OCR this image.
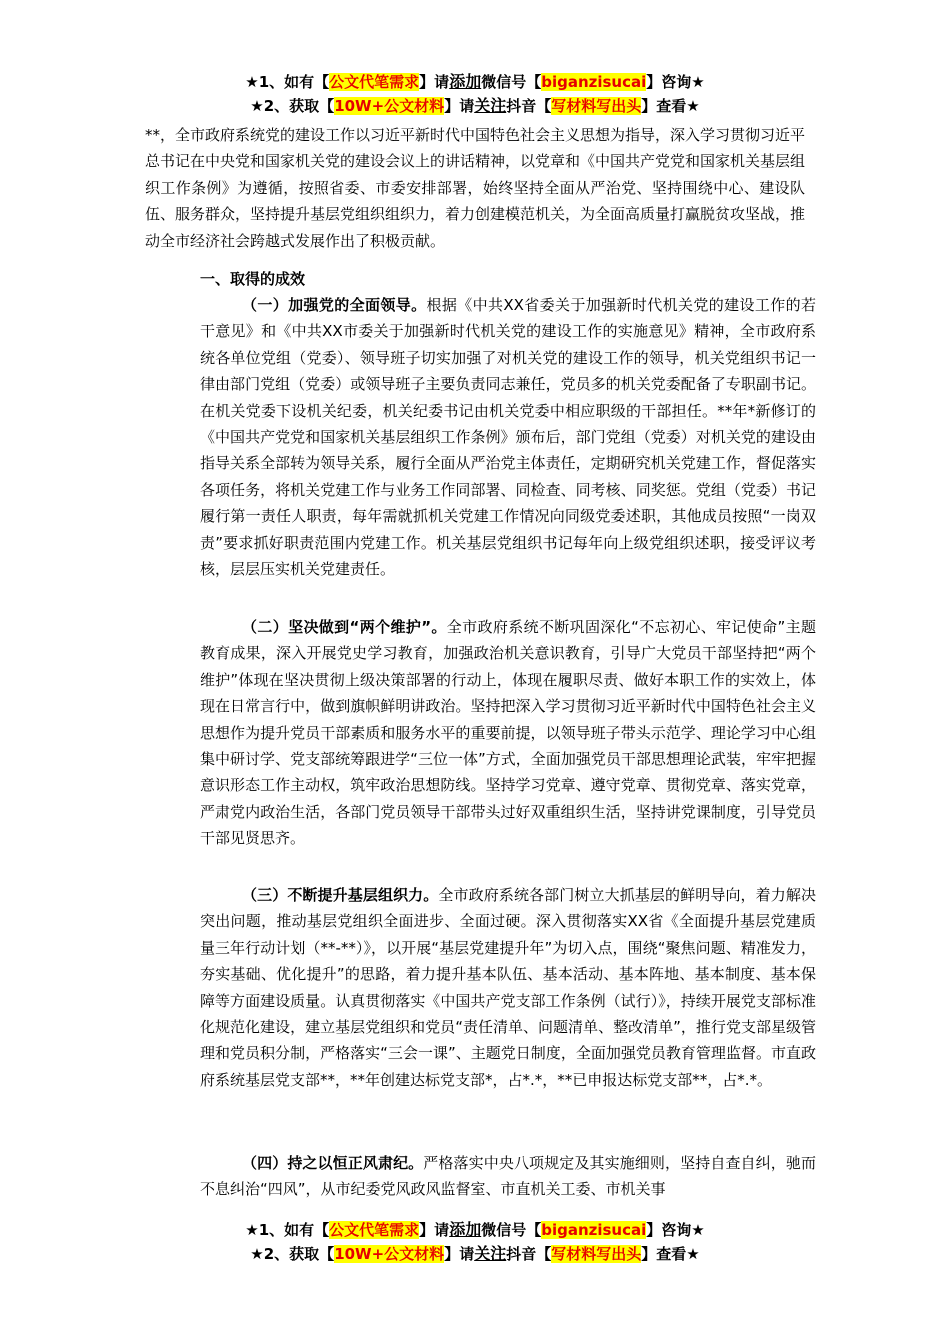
★1、如有【公文代笔需求】请添加微信号【biganzisucai】咨询★
★2、获取【10W+公文材料】请关注抖音【写材料写出头】查看★
**，全市政府系统党的建设工作以习近平新时代中国特色社会主义思想为指导，深入学习贯彻习近平总书记在中央党和国家机关党的建设会议上的讲话精神，以党章和《中国共产党党和国家机关基层组织工作条例》为遵循，按照省委、市委安排部署，始终坚持全面从严治党、坚持围绕中心、建设队伍、服务群众，坚持提升基层党组织组织力，着力创建模范机关，为全面高质量打赢脱贫攻坚战，推动全市经济社会跨越式发展作出了积极贡献。
一、取得的成效
（一）加强党的全面领导。根据《中共XX省委关于加强新时代机关党的建设工作的若干意见》和《中共XX市委关于加强新时代机关党的建设工作的实施意见》精神，全市政府系统各单位党组（党委）、领导班子切实加强了对机关党的建设工作的领导，机关党组织书记一律由部门党组（党委）或领导班子主要负责同志兼任，党员多的机关党委配备了专职副书记。在机关党委下设机关纪委，机关纪委书记由机关党委中相应职级的干部担任。**年*新修订的《中国共产党党和国家机关基层组织工作条例》颁布后，部门党组（党委）对机关党的建设由指导关系全部转为领导关系，履行全面从严治党主体责任，定期研究机关党建工作，督促落实各项任务，将机关党建工作与业务工作同部署、同检查、同考核、同奖惩。党组（党委）书记履行第一责任人职责，每年需就抓机关党建工作情况向同级党委述职，其他成员按照“一岗双责”要求抓好职责范围内党建工作。机关基层党组织书记每年向上级党组织述职，接受评议考核，层层压实机关党建责任。
（二）坚决做到“两个维护”。全市政府系统不断巩固深化“不忘初心、牢记使命”主题教育成果，深入开展党史学习教育，加强政治机关意识教育，引导广大党员干部坚持把“两个维护”体现在坚决贯彻上级决策部署的行动上，体现在履职尽责、做好本职工作的实效上，体现在日常言行中，做到旗帜鲜明讲政治。坚持把深入学习贯彻习近平新时代中国特色社会主义思想作为提升党员干部素质和服务水平的重要前提，以领导班子带头示范学、理论学习中心组集中研讨学、党支部统筹跟进学“三位一体”方式，全面加强党员干部思想理论武装，牢牢把握意识形态工作主动权，筑牢政治思想防线。坚持学习党章、遵守党章、贯彻党章、落实党章，严肃党内政治生活，各部门党员领导干部带头过好双重组织生活，坚持讲党课制度，引导党员干部见贤思齐。
（三）不断提升基层组织力。全市政府系统各部门树立大抓基层的鲜明导向，着力解决突出问题，推动基层党组织全面进步、全面过硬。深入贯彻落实XX省《全面提升基层党建质量三年行动计划（**-**）》，以开展“基层党建提升年”为切入点，围绕“聚焦问题、精准发力，夯实基础、优化提升”的思路，着力提升基本队伍、基本活动、基本阵地、基本制度、基本保障等方面建设质量。认真贯彻落实《中国共产党支部工作条例（试行）》，持续开展党支部标准化规范化建设，建立基层党组织和党员“责任清单、问题清单、整改清单”，推行党支部星级管理和党员积分制，严格落实“三会一课”、主题党日制度，全面加强党员教育管理监督。市直政府系统基层党支部**，**年创建达标党支部*，占*.*，**已申报达标党支部**，占*.*。
（四）持之以恒正风肃纪。严格落实中央八项规定及其实施细则，坚持自查自纠，驰而不息纠治“四风”，从市纪委党风政风监督室、市直机关工委、市机关事
★1、如有【公文代笔需求】请添加微信号【biganzisucai】咨询★
★2、获取【10W+公文材料】请关注抖音【写材料写出头】查看★
